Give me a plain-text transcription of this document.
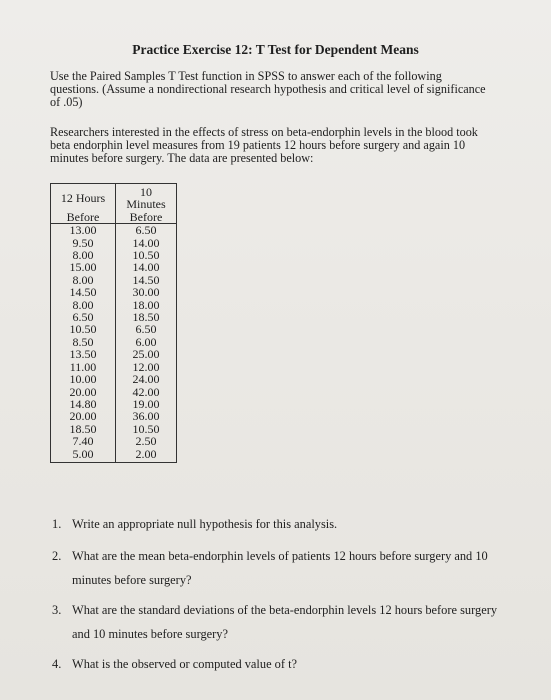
Practice Exercise 12: T Test for Dependent Means
Use the Paired Samples T Test function in SPSS to answer each of the following questions. (Assume a nondirectional research hypothesis and critical level of significance of .05)
Researchers interested in the effects of stress on beta-endorphin levels in the blood took beta endorphin level measures from 19 patients 12 hours before surgery and again 10 minutes before surgery. The data are presented below:
12 Hours	10 Minutes
Before	Before
13.00	6.50
9.50	14.00
8.00	10.50
15.00	14.00
8.00	14.50
14.50	30.00
8.00	18.00
6.50	18.50
10.50	6.50
8.50	6.00
13.50	25.00
11.00	12.00
10.00	24.00
20.00	42.00
14.80	19.00
20.00	36.00
18.50	10.50
7.40	2.50
5.00	2.00
1. Write an appropriate null hypothesis for this analysis.
2. What are the mean beta-endorphin levels of patients 12 hours before surgery and 10 minutes before surgery?
3. What are the standard deviations of the beta-endorphin levels 12 hours before surgery and 10 minutes before surgery?
4. What is the observed or computed value of t?
